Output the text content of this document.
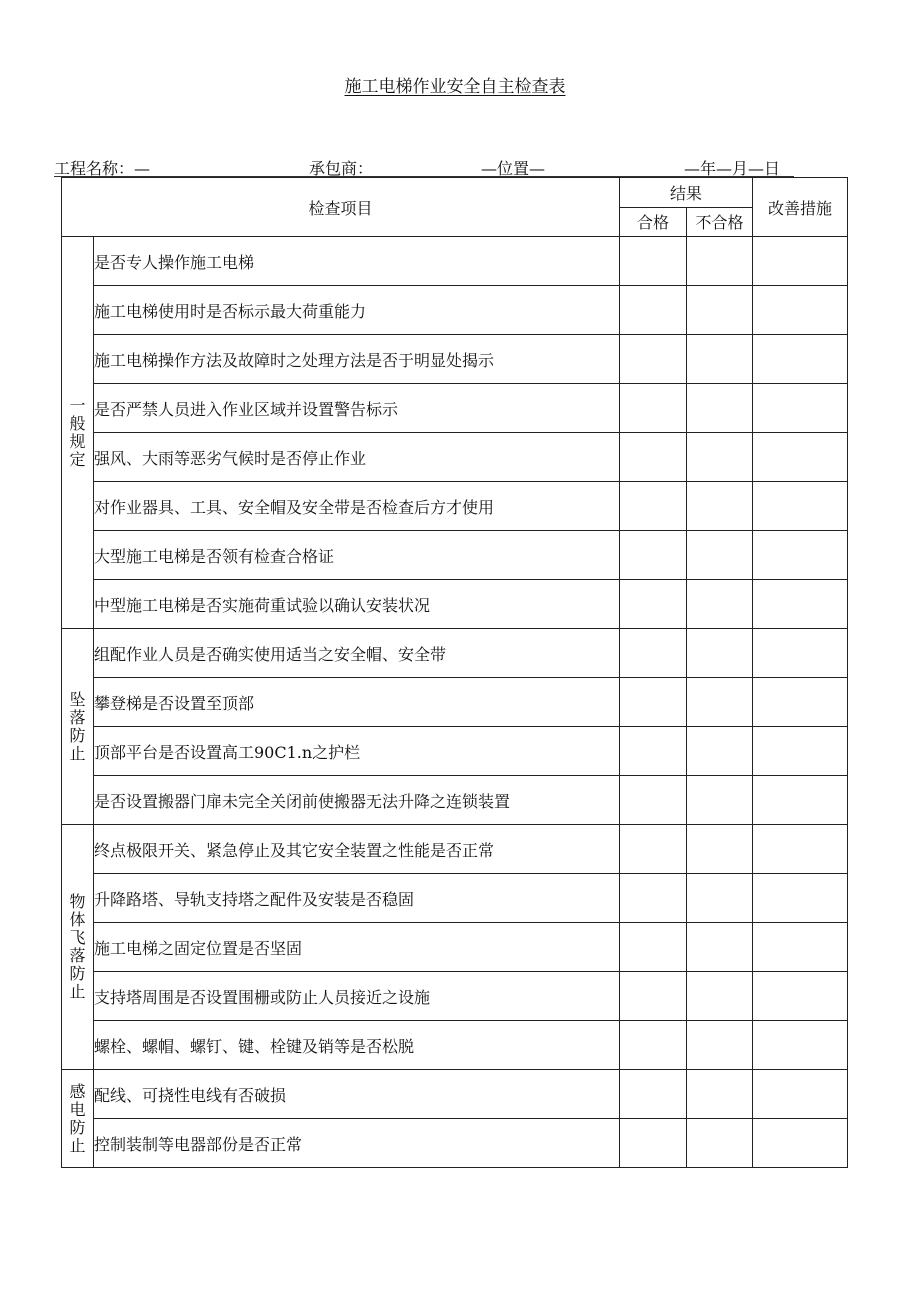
施工电梯作业安全自主检查表
工程名称：—	承包商：	—位置—	—年—月—日
检查项目		结果		改善措施
		合格	不合格	
一般规定	是否专人操作施工电梯			
	施工电梯使用时是否标示最大荷重能力			
	施工电梯操作方法及故障时之处理方法是否于明显处揭示			
	是否严禁人员进入作业区域并设置警告标示			
	强风、大雨等恶劣气候时是否停止作业			
	对作业器具、工具、安全帽及安全带是否检查后方才使用			
	大型施工电梯是否领有检查合格证			
	中型施工电梯是否实施荷重试验以确认安装状况			
坠落防止	组配作业人员是否确实使用适当之安全帽、安全带			
	攀登梯是否设置至顶部			
	顶部平台是否设置高工90C1.n之护栏			
	是否设置搬器门扉未完全关闭前使搬器无法升降之连锁装置			
物体飞落防止	终点极限开关、紧急停止及其它安全装置之性能是否正常			
	升降路塔、导轨支持塔之配件及安装是否稳固			
	施工电梯之固定位置是否坚固			
	支持塔周围是否设置围栅或防止人员接近之设施			
	螺栓、螺帽、螺钉、键、栓键及销等是否松脱			
感电防止	配线、可挠性电线有否破损			
	控制装制等电器部份是否正常			
